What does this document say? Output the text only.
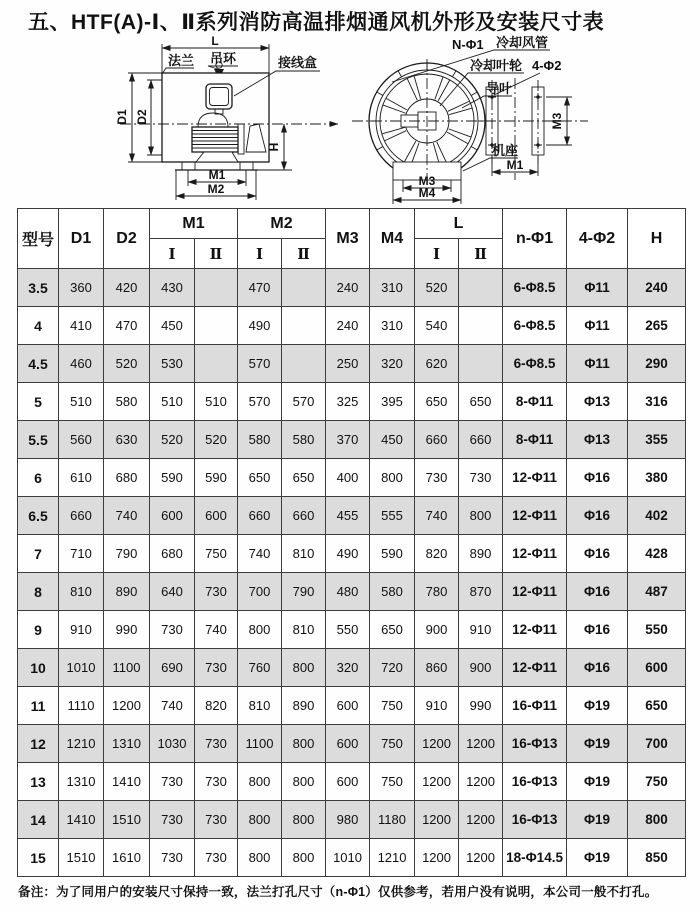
五、HTF(A)-Ⅰ、Ⅱ系列消防高温排烟通风机外形及安装尺寸表
L
D1 D2
H
M1
M2
法兰 吊环	接线盒
M3
M4
M1
M3
N-Φ1 冷却风管
冷却叶轮 4-Φ2
导叶
机座
型号	D1	D2	M1		M2		M3	M4	L		n-Φ1	4-Φ2	H
			Ⅰ	Ⅱ	Ⅰ	Ⅱ			Ⅰ	Ⅱ			
3.5	360	420	430		470		240	310	520		6-Φ8.5	Φ11	240
4	410	470	450		490		240	310	540		6-Φ8.5	Φ11	265
4.5	460	520	530		570		250	320	620		6-Φ8.5	Φ11	290
5	510	580	510	510	570	570	325	395	650	650	8-Φ11	Φ13	316
5.5	560	630	520	520	580	580	370	450	660	660	8-Φ11	Φ13	355
6	610	680	590	590	650	650	400	800	730	730	12-Φ11	Φ16	380
6.5	660	740	600	600	660	660	455	555	740	800	12-Φ11	Φ16	402
7	710	790	680	750	740	810	490	590	820	890	12-Φ11	Φ16	428
8	810	890	640	730	700	790	480	580	780	870	12-Φ11	Φ16	487
9	910	990	730	740	800	810	550	650	900	910	12-Φ11	Φ16	550
10	1010	1100	690	730	760	800	320	720	860	900	12-Φ11	Φ16	600
11	1110	1200	740	820	810	890	600	750	910	990	16-Φ11	Φ19	650
12	1210	1310	1030	730	1100	800	600	750	1200	1200	16-Φ13	Φ19	700
13	1310	1410	730	730	800	800	600	750	1200	1200	16-Φ13	Φ19	750
14	1410	1510	730	730	800	800	980	1180	1200	1200	16-Φ13	Φ19	800
15	1510	1610	730	730	800	800	1010	1210	1200	1200	18-Φ14.5	Φ19	850
备注：为了同用户的安装尺寸保持一致，法兰打孔尺寸（n-Φ1）仅供参考，若用户没有说明，本公司一般不打孔。
